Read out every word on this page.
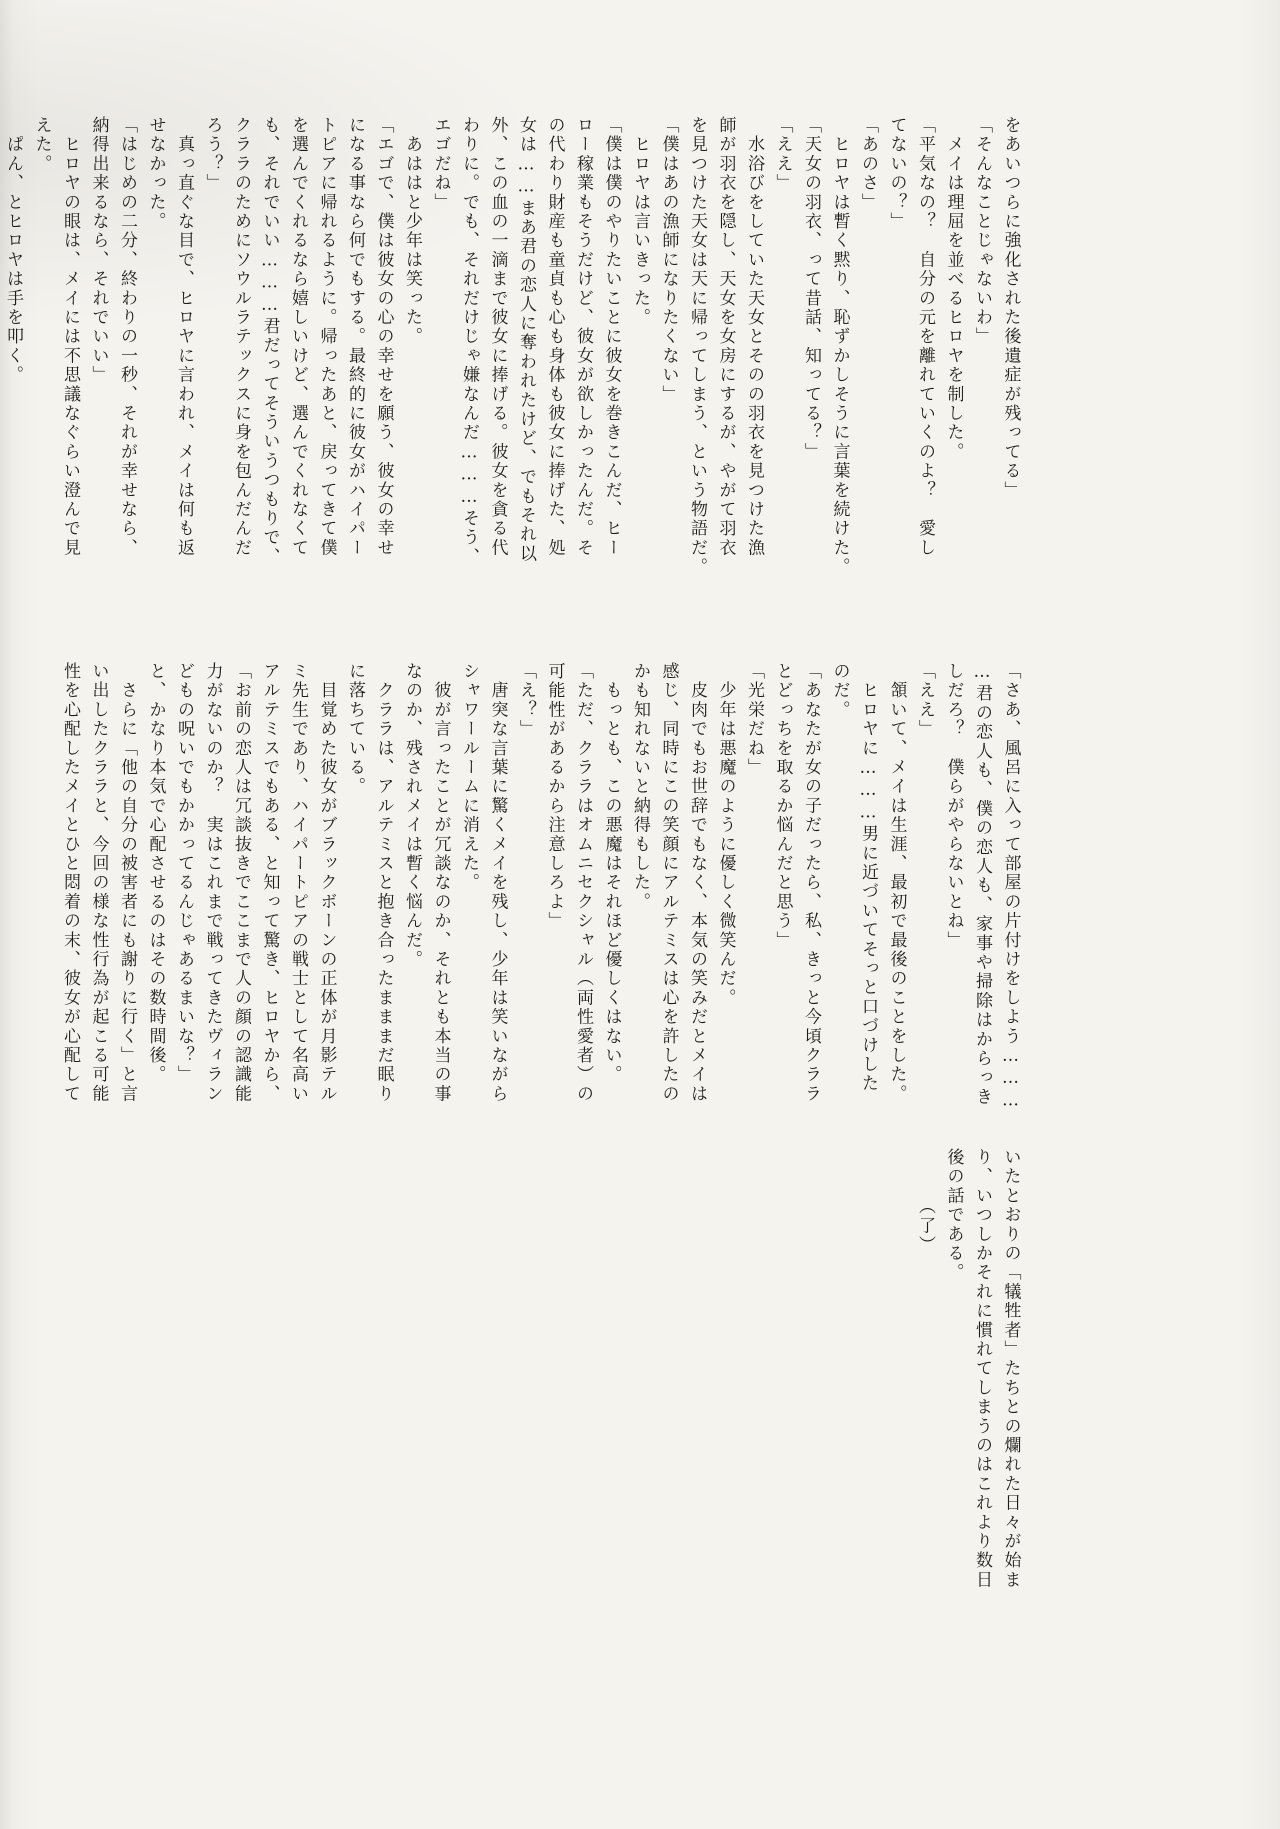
をあいつらに強化された後遺症が残ってる」
「そんなことじゃないわ」
　メイは理屈を並べるヒロヤを制した。
「平気なの？　自分の元を離れていくのよ？　愛し
てないの？」
「あのさ」
　ヒロヤは暫く黙り、恥ずかしそうに言葉を続けた。
「天女の羽衣、って昔話、知ってる？」
「ええ」
　水浴びをしていた天女とそのの羽衣を見つけた漁
師が羽衣を隠し、天女を女房にするが、やがて羽衣
を見つけた天女は天に帰ってしまう、という物語だ。
「僕はあの漁師になりたくない」
　ヒロヤは言いきった。
「僕は僕のやりたいことに彼女を巻きこんだ、ヒー
ロー稼業もそうだけど、彼女が欲しかったんだ。そ
の代わり財産も童貞も心も身体も彼女に捧げた、処
女は……まあ君の恋人に奪われたけど、でもそれ以
外、この血の一滴まで彼女に捧げる。彼女を貪る代
わりに。でも、それだけじゃ嫌なんだ………そう、
エゴだね」
　あははと少年は笑った。
「エゴで、僕は彼女の心の幸せを願う、彼女の幸せ
になる事なら何でもする。最終的に彼女がハイパー
トピアに帰れるように。帰ったあと、戻ってきて僕
を選んでくれるなら嬉しいけど、選んでくれなくて
も、それでいい………君だってそういうつもりで、
クララのためにソウルラテックスに身を包んだんだ
ろう？」
　真っ直ぐな目で、ヒロヤに言われ、メイは何も返
せなかった。
「はじめの二分、終わりの一秒、それが幸せなら、
納得出来るなら、それでいい」
　ヒロヤの眼は、メイには不思議なぐらい澄んで見
えた。
　ぱん、とヒロヤは手を叩く。

「さあ、風呂に入って部屋の片付けをしよう………
…君の恋人も、僕の恋人も、家事や掃除はからっき
しだろ？　僕らがやらないとね」
「ええ」
　頷いて、メイは生涯、最初で最後のことをした。
　ヒロヤに………男に近づいてそっと口づけした
のだ。
「あなたが女の子だったら、私、きっと今頃クララ
とどっちを取るか悩んだと思う」
「光栄だね」
　少年は悪魔のように優しく微笑んだ。
　皮肉でもお世辞でもなく、本気の笑みだとメイは
感じ、同時にこの笑顔にアルテミスは心を許したの
かも知れないと納得もした。
　もっとも、この悪魔はそれほど優しくはない。
「ただ、クララはオムニセクシャル（両性愛者）の
可能性があるから注意しろよ」
「え？」
　唐突な言葉に驚くメイを残し、少年は笑いながら
シャワールームに消えた。
　彼が言ったことが冗談なのか、それとも本当の事
なのか、残されメイは暫く悩んだ。
　クララは、アルテミスと抱き合ったまままだ眠り
に落ちている。
　目覚めた彼女がブラックボーンの正体が月影テル
ミ先生であり、ハイパートピアの戦士として名高い
アルテミスでもある、と知って驚き、ヒロヤから、
「お前の恋人は冗談抜きでここまで人の顔の認識能
力がないのか？　実はこれまで戦ってきたヴィラン
どもの呪いでもかかってるんじゃあるまいな？」
と、かなり本気で心配させるのはその数時間後。
　さらに「他の自分の被害者にも謝りに行く」と言
い出したクララと、今回の様な性行為が起こる可能
性を心配したメイとひと悶着の末、彼女が心配して

いたとおりの「犠牲者」たちとの爛れた日々が始ま
り、いつしかそれに慣れてしまうのはこれより数日
後の話である。
　　　（了）
